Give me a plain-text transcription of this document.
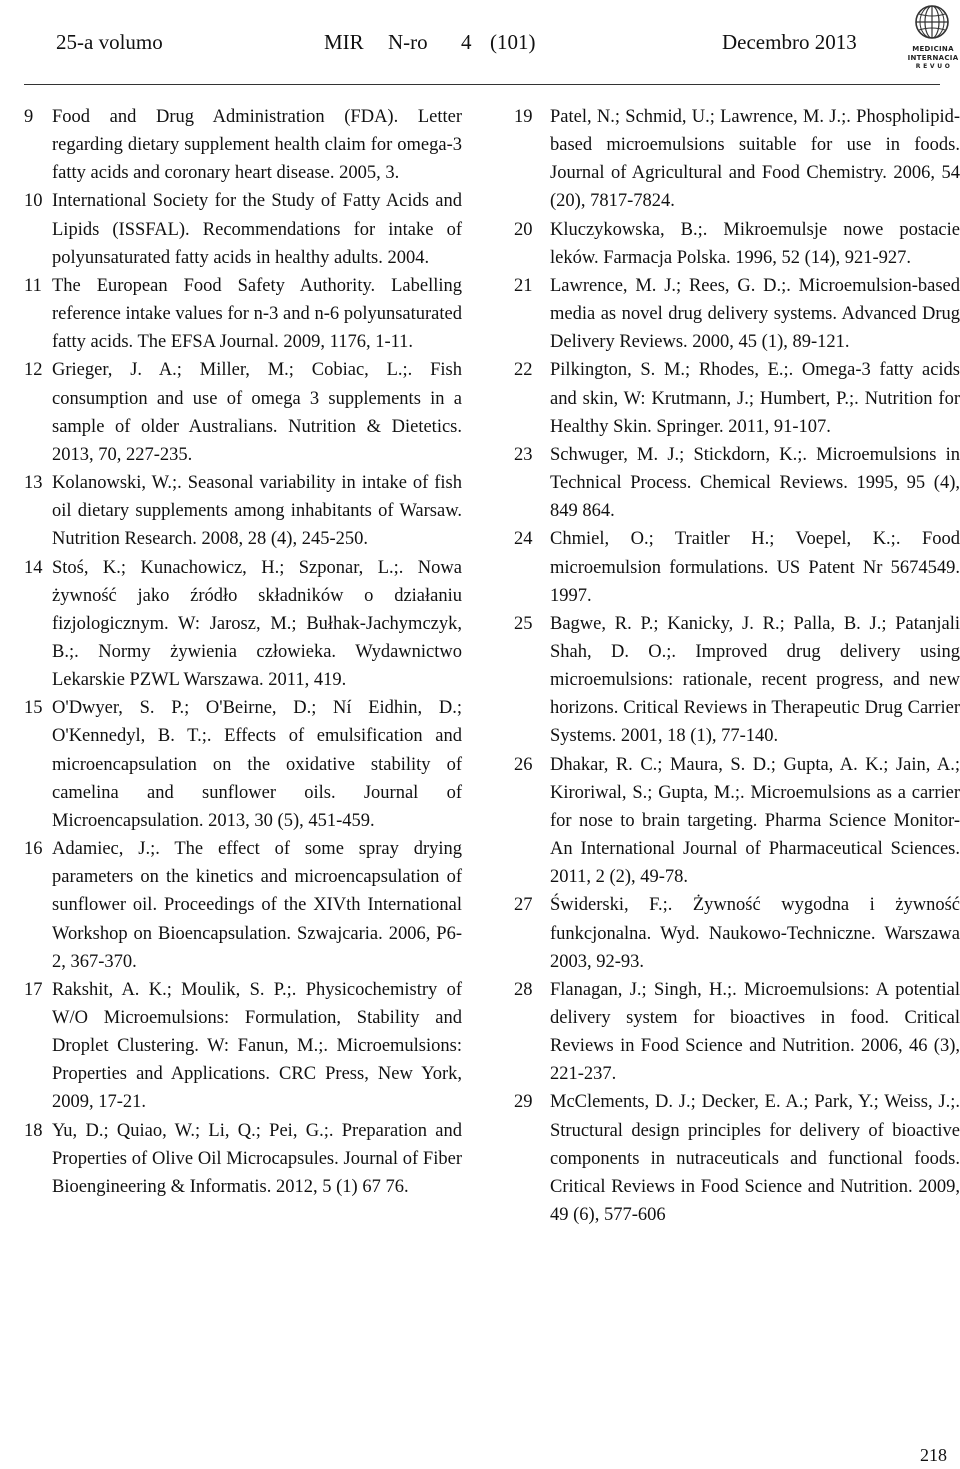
25-a volumo	MIR N-ro 4 (101)	Decembro 2013	MEDICINA
INTERNACIA
R E V U O
9	Food and Drug Administration (FDA). Letter regarding dietary supplement health claim for omega-3 fatty acids and coronary heart disease. 2005, 3.
10 International Society for the Study of Fatty Acids and Lipids (ISSFAL). Recommendations for intake of polyunsaturated fatty acids in healthy adults. 2004.
11 The European Food Safety Authority. Labelling reference intake values for n-3 and n-6 polyunsaturated fatty acids. The EFSA Journal. 2009, 1176, 1-11.
12 Grieger, J. A.; Miller, M.; Cobiac, L.;. Fish consumption and use of omega 3 supplements in a sample of older Australians. Nutrition & Dietetics. 2013, 70, 227-235.
13 Kolanowski, W.;. Seasonal variability in intake of fish oil dietary supplements among inhabitants of Warsaw. Nutrition Research. 2008, 28 (4), 245-250.
14 Stoś, K.; Kunachowicz, H.; Szponar, L.;. Nowa żywność jako źródło składników o działaniu fizjologicznym. W: Jarosz, M.; Bułhak-Jachymczyk, B.;. Normy żywienia człowieka. Wydawnictwo Lekarskie PZWL Warszawa. 2011, 419.
15 O'Dwyer, S. P.; O'Beirne, D.; Ní Eidhin, D.; O'Kennedyl, B. T.;. Effects of emulsification and microencapsulation on the oxidative stability of camelina and sunflower oils. Journal of Microencapsulation. 2013, 30 (5), 451-459.
16 Adamiec, J.;. The effect of some spray drying parameters on the kinetics and microencapsulation of sunflower oil. Proceedings of the XIVth International Workshop on Bioencapsulation. Szwajcaria. 2006, P6-2, 367-370.
17 Rakshit, A. K.; Moulik, S. P.;. Physicochemistry of W/O Microemulsions: Formulation, Stability and Droplet Clustering. W: Fanun, M.;. Microemulsions: Properties and Applications. CRC Press, New York, 2009, 17-21.
18 Yu, D.; Quiao, W.; Li, Q.; Pei, G.;. Preparation and Properties of Olive Oil Microcapsules. Journal of Fiber Bioengineering & Informatis. 2012, 5 (1) 67 76.
19 Patel, N.; Schmid, U.; Lawrence, M. J.;. Phospholipid-based microemulsions suitable for use in foods. Journal of Agricultural and Food Chemistry. 2006, 54 (20), 7817-7824.
20 Kluczykowska, B.;. Mikroemulsje nowe postacie leków. Farmacja Polska. 1996, 52 (14), 921-927.
21 Lawrence, M. J.; Rees, G. D.;. Microemulsion-based media as novel drug delivery systems. Advanced Drug Delivery Reviews. 2000, 45 (1), 89-121.
22 Pilkington, S. M.; Rhodes, E.;. Omega-3 fatty acids and skin, W: Krutmann, J.; Humbert, P.;. Nutrition for Healthy Skin. Springer. 2011, 91-107.
23 Schwuger, M. J.; Stickdorn, K.;. Microemulsions in Technical Process. Chemical Reviews. 1995, 95 (4), 849 864.
24 Chmiel, O.; Traitler H.; Voepel, K.;. Food microemulsion formulations. US Patent Nr 5674549. 1997.
25 Bagwe, R. P.; Kanicky, J. R.; Palla, B. J.; Patanjali Shah, D. O.;. Improved drug delivery using microemulsions: rationale, recent progress, and new horizons. Critical Reviews in Therapeutic Drug Carrier Systems. 2001, 18 (1), 77-140.
26 Dhakar, R. C.; Maura, S. D.; Gupta, A. K.; Jain, A.; Kiroriwal, S.; Gupta, M.;. Microemulsions as a carrier for nose to brain targeting. Pharma Science Monitor-An International Journal of Pharmaceutical Sciences. 2011, 2 (2), 49-78.
27 Świderski, F.;. Żywność wygodna i żywność funkcjonalna. Wyd. Naukowo-Techniczne. Warszawa 2003, 92-93.
28 Flanagan, J.; Singh, H.;. Microemulsions: A potential delivery system for bioactives in food. Critical Reviews in Food Science and Nutrition. 2006, 46 (3), 221-237.
29 McClements, D. J.; Decker, E. A.; Park, Y.; Weiss, J.;. Structural design principles for delivery of bioactive components in nutraceuticals and functional foods. Critical Reviews in Food Science and Nutrition. 2009, 49 (6), 577-606
218
